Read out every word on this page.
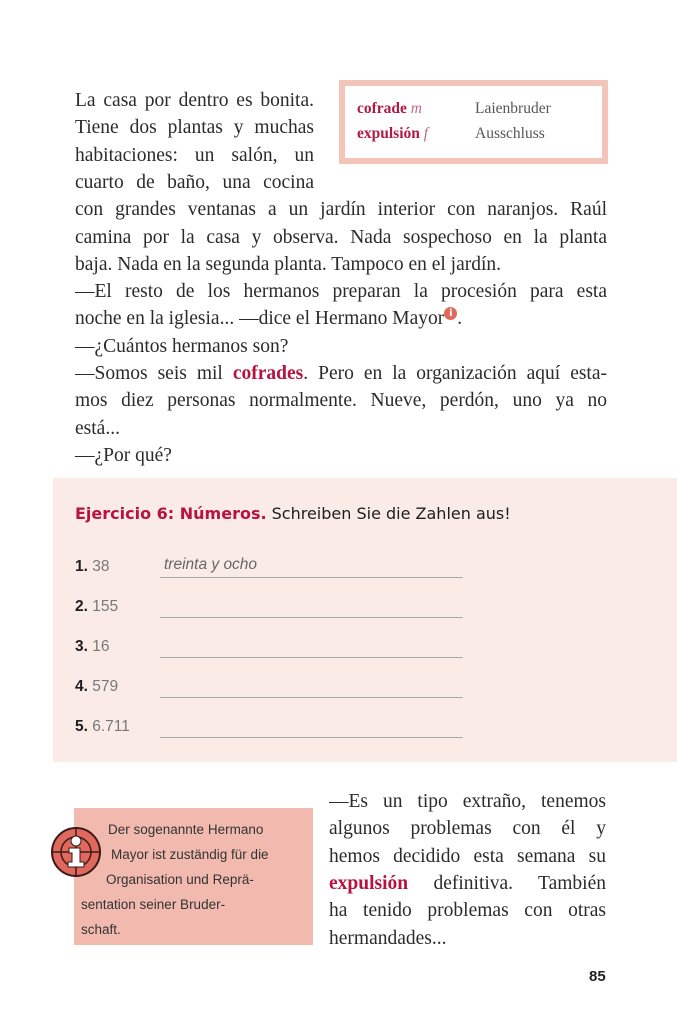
La casa por dentro es bonita.
Tiene dos plantas y muchas
habitaciones: un salón, un
cuarto de baño, una cocina
con grandes ventanas a un jardín interior con naranjos. Raúl
camina por la casa y observa. Nada sospechoso en la planta
baja. Nada en la segunda planta. Tampoco en el jardín.
—El resto de los hermanos preparan la procesión para esta
noche en la iglesia... —dice el Hermano Mayor i .
—¿Cuántos hermanos son?
—Somos seis mil cofrades. Pero en la organización aquí esta-
mos diez personas normalmente. Nueve, perdón, uno ya no
está...
—¿Por qué?
—Es un tipo extraño, tenemos
algunos problemas con él y
hemos decidido esta semana su
expulsión definitiva. También
ha tenido problemas con otras
hermandades...
cofrade m	Laienbruder
expulsión f	Ausschluss
Ejercicio 6: Números. Schreiben Sie die Zahlen aus!
1. 38	treinta y ocho
2. 155
3. 16
4. 579
5. 6.711
Der sogenannte Hermano
Mayor ist zuständig für die
Organisation und Reprä-
sentation seiner Bruder-
schaft.
85
